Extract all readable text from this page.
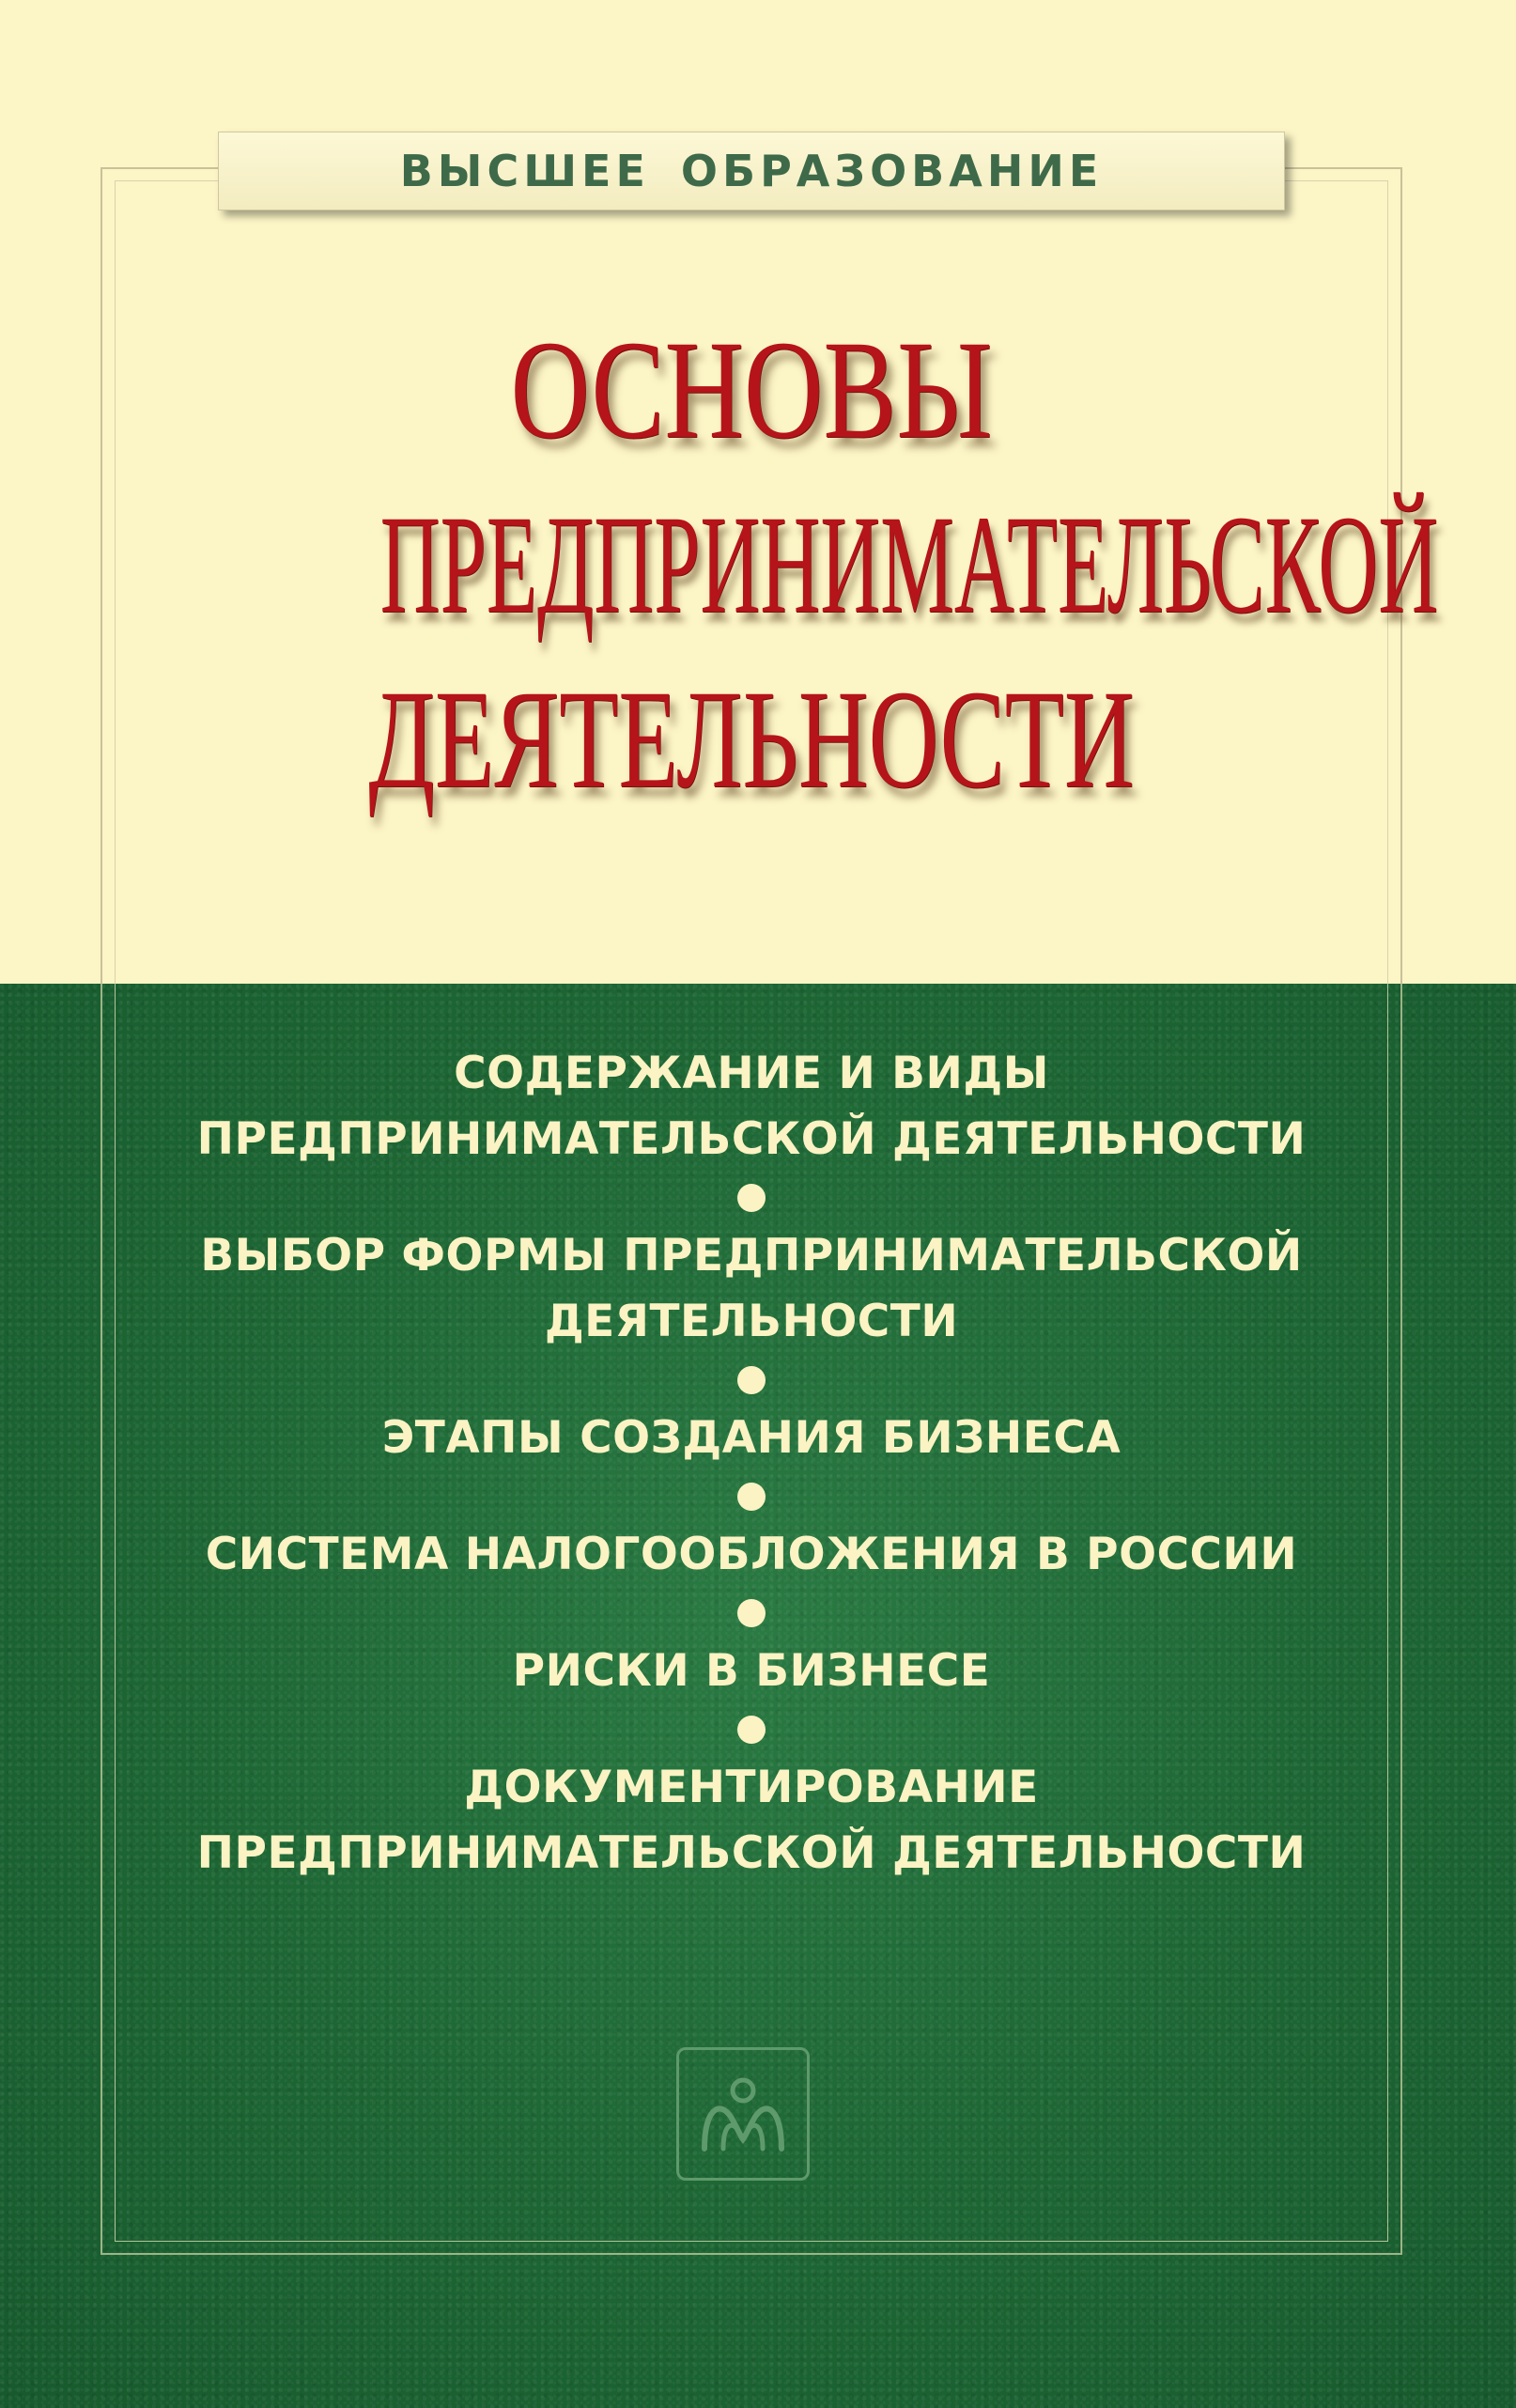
ВЫСШЕЕ ОБРАЗОВАНИЕ
ОСНОВЫ
ПРЕДПРИНИМАТЕЛЬСКОЙ
ДЕЯТЕЛЬНОСТИ
СОДЕРЖАНИЕ И ВИДЫ
ПРЕДПРИНИМАТЕЛЬСКОЙ ДЕЯТЕЛЬНОСТИ
ВЫБОР ФОРМЫ ПРЕДПРИНИМАТЕЛЬСКОЙ
ДЕЯТЕЛЬНОСТИ
ЭТАПЫ СОЗДАНИЯ БИЗНЕСА
СИСТЕМА НАЛОГООБЛОЖЕНИЯ В РОССИИ
РИСКИ В БИЗНЕСЕ
ДОКУМЕНТИРОВАНИЕ
ПРЕДПРИНИМАТЕЛЬСКОЙ ДЕЯТЕЛЬНОСТИ
